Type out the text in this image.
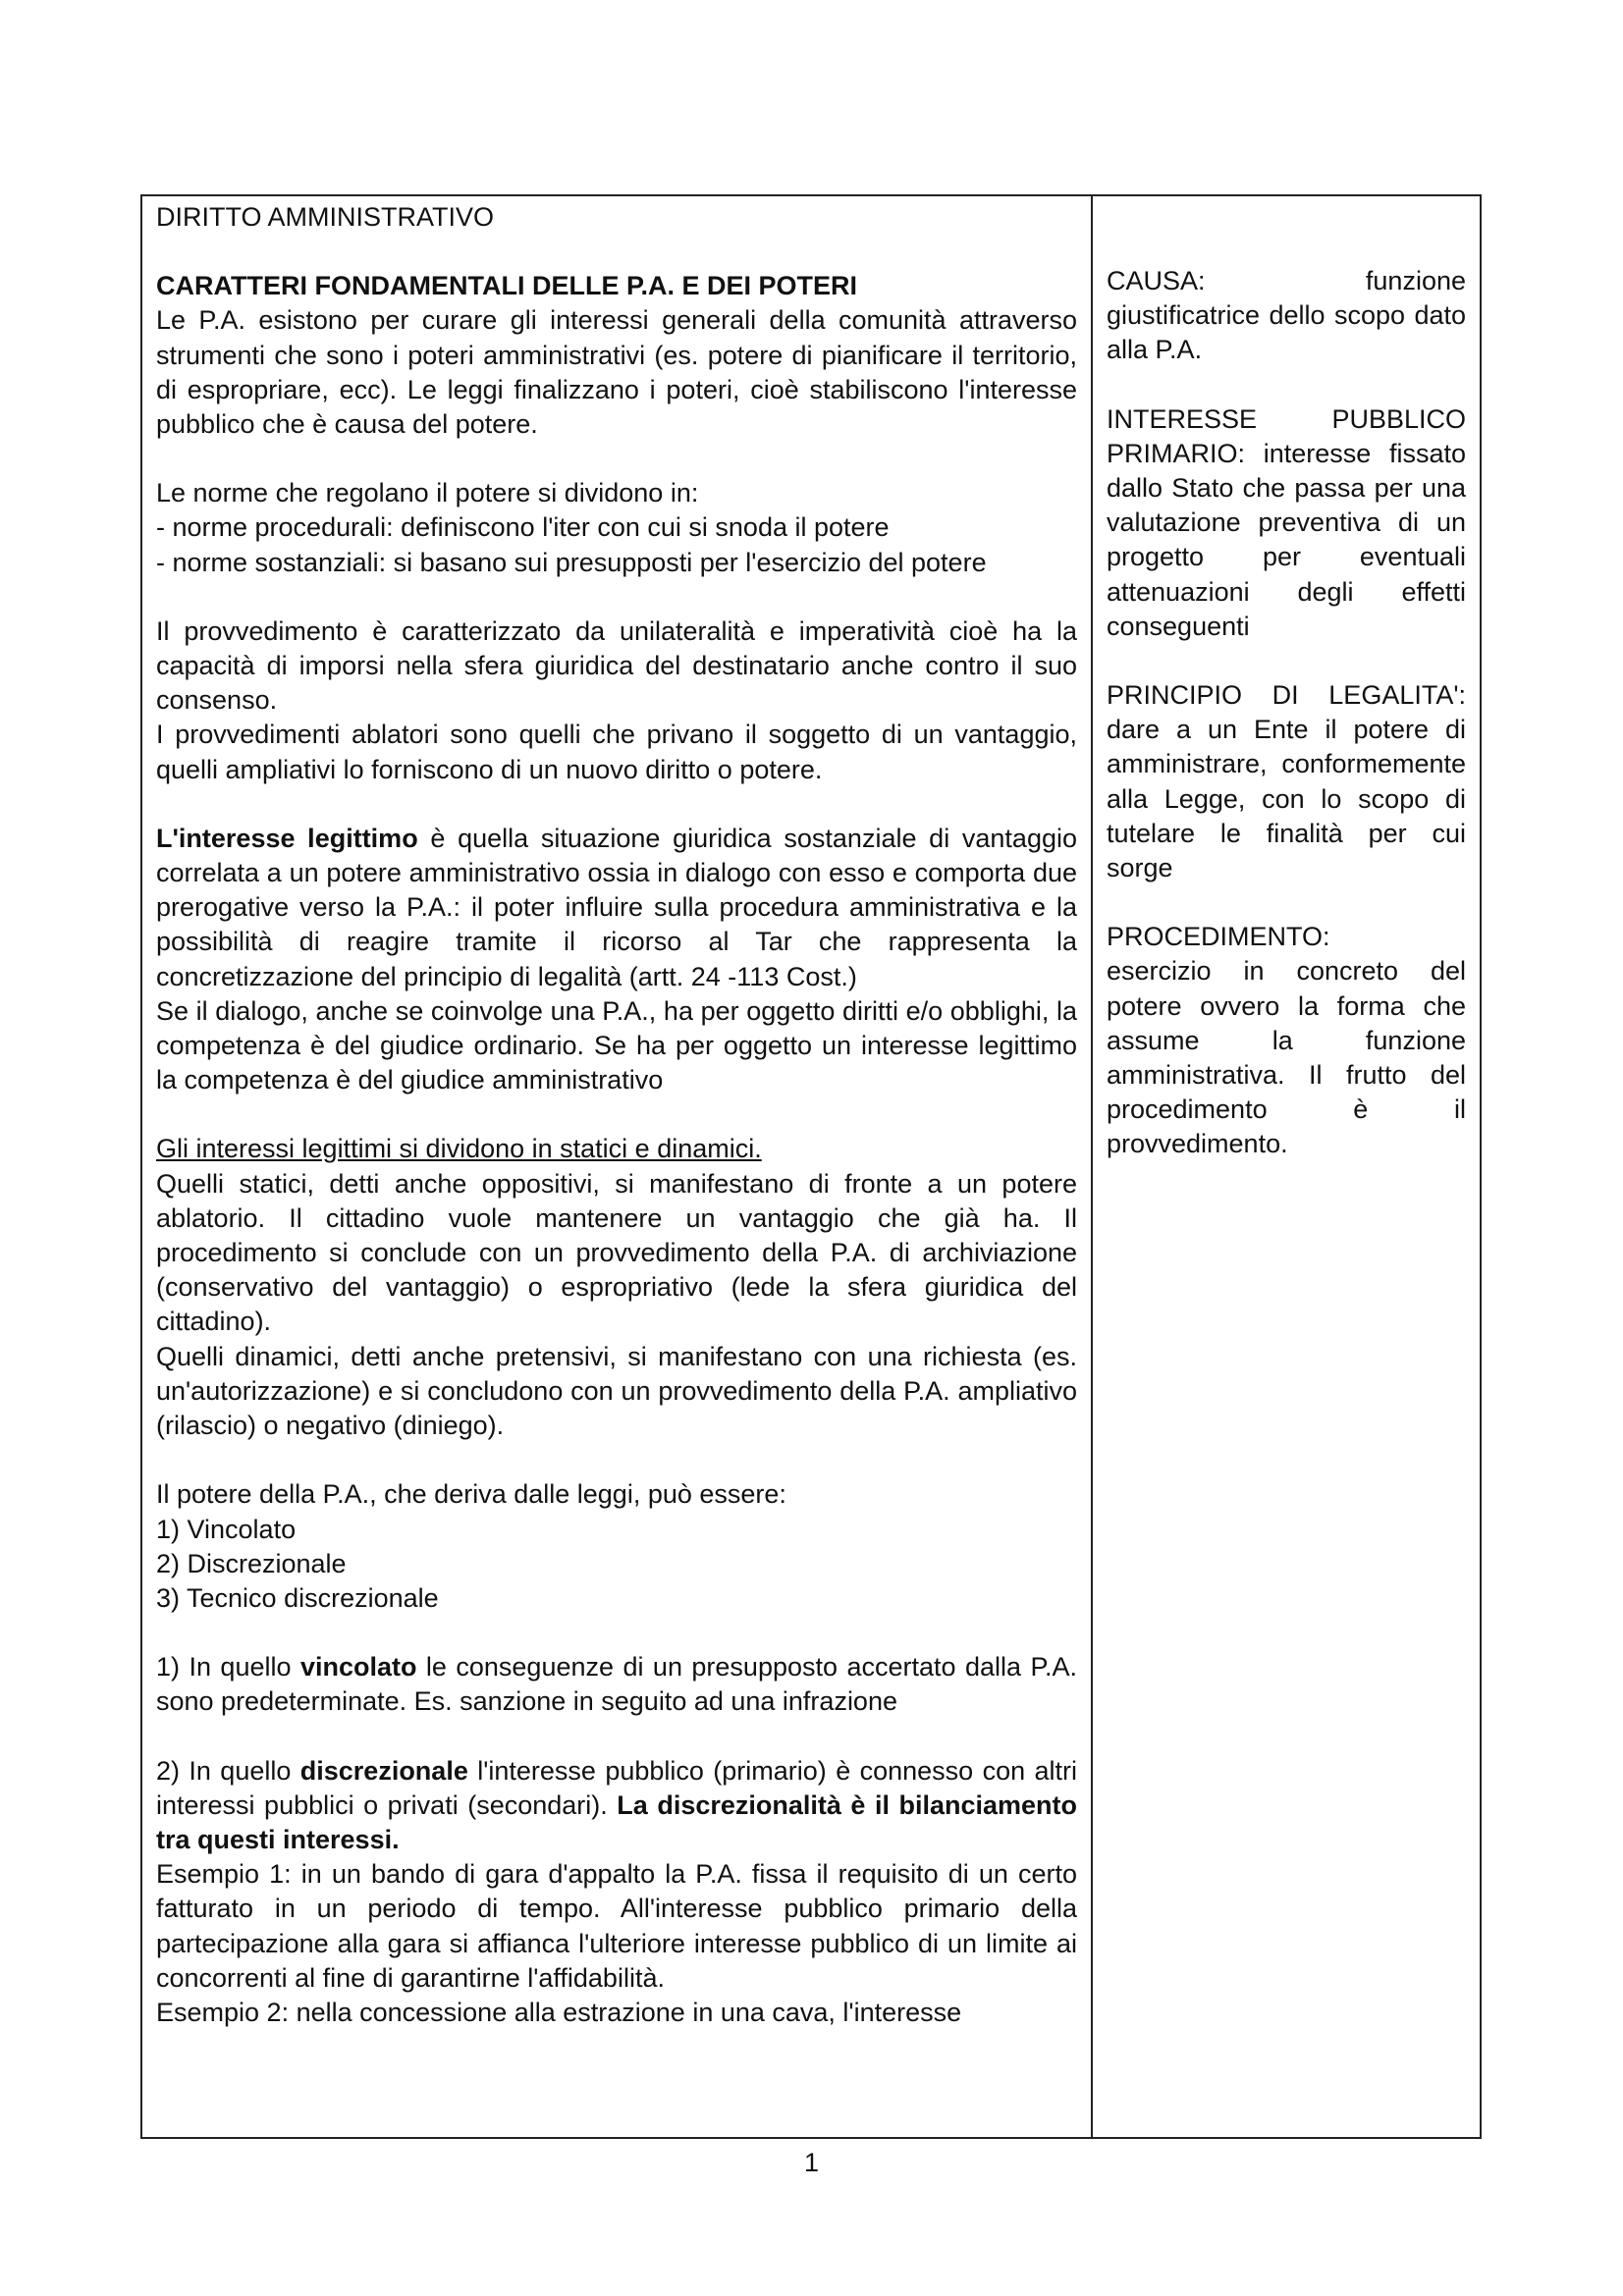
DIRITTO AMMINISTRATIVO

CARATTERI FONDAMENTALI DELLE P.A. E DEI POTERI

Le P.A. esistono per curare gli interessi generali della comunità attraverso strumenti che sono i poteri amministrativi (es. potere di pianificare il territorio, di espropriare, ecc). Le leggi finalizzano i poteri, cioè stabiliscono l'interesse pubblico che è causa del potere.

Le norme che regolano il potere si dividono in:

- norme procedurali: definiscono l'iter con cui si snoda il potere

- norme sostanziali: si basano sui presupposti per l'esercizio del potere

Il provvedimento è caratterizzato da unilateralità e imperatività cioè ha la capacità di imporsi nella sfera giuridica del destinatario anche contro il suo consenso.

I provvedimenti ablatori sono quelli che privano il soggetto di un vantaggio, quelli ampliativi lo forniscono di un nuovo diritto o potere.

L'interesse legittimo è quella situazione giuridica sostanziale di vantaggio correlata a un potere amministrativo ossia in dialogo con esso e comporta due prerogative verso la P.A.: il poter influire sulla procedura amministrativa e la possibilità di reagire tramite il ricorso al Tar che rappresenta la concretizzazione del principio di legalità (artt. 24 -113 Cost.)

Se il dialogo, anche se coinvolge una P.A., ha per oggetto diritti e/o obblighi, la competenza è del giudice ordinario. Se ha per oggetto un interesse legittimo la competenza è del giudice amministrativo

Gli interessi legittimi si dividono in statici e dinamici.

Quelli statici, detti anche oppositivi, si manifestano di fronte a un potere ablatorio. Il cittadino vuole mantenere un vantaggio che già ha. Il procedimento si conclude con un provvedimento della P.A. di archiviazione (conservativo del vantaggio) o espropriativo (lede la sfera giuridica del cittadino).

Quelli dinamici, detti anche pretensivi, si manifestano con una richiesta (es. un'autorizzazione) e si concludono con un provvedimento della P.A. ampliativo (rilascio) o negativo (diniego).

Il potere della P.A., che deriva dalle leggi, può essere:

1) Vincolato

2) Discrezionale

3) Tecnico discrezionale

1) In quello vincolato le conseguenze di un presupposto accertato dalla P.A. sono predeterminate. Es. sanzione in seguito ad una infrazione

2) In quello discrezionale l'interesse pubblico (primario) è connesso con altri interessi pubblici o privati (secondari). La discrezionalità è il bilanciamento tra questi interessi.

Esempio 1: in un bando di gara d'appalto la P.A. fissa il requisito di un certo fatturato in un periodo di tempo. All'interesse pubblico primario della partecipazione alla gara si affianca l'ulteriore interesse pubblico di un limite ai concorrenti al fine di garantirne l'affidabilità.

Esempio 2: nella concessione alla estrazione in una cava, l'interesse

CAUSA:	funzione giustificatrice dello scopo dato alla P.A.

INTERESSE PUBBLICO PRIMARIO: interesse fissato dallo Stato che passa per una valutazione preventiva di un progetto per eventuali attenuazioni degli effetti conseguenti

PRINCIPIO DI LEGALITA': dare a un Ente il potere di amministrare, conformemente alla Legge, con lo scopo di tutelare le finalità per cui sorge

PROCEDIMENTO:

esercizio in concreto del potere ovvero la forma che assume la funzione amministrativa. Il frutto del procedimento è il provvedimento.

1
